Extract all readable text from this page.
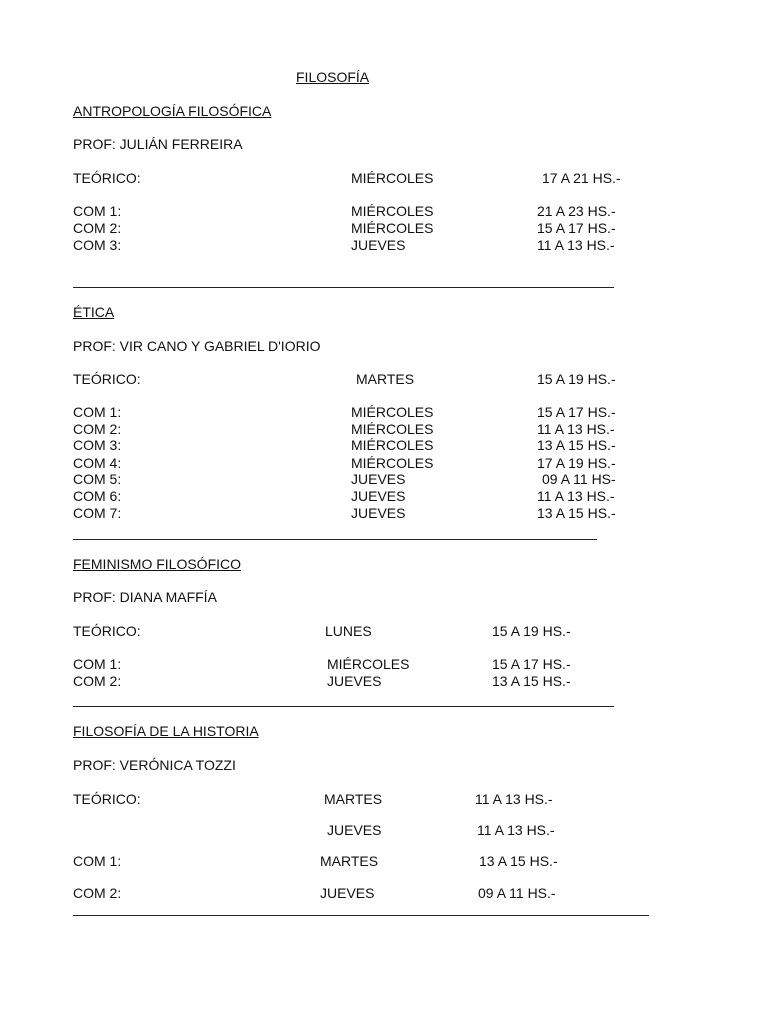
FILOSOFÍA
ANTROPOLOGÍA FILOSÓFICA
PROF: JULIÁN FERREIRA
TEÓRICO:	MIÉRCOLES	17 A 21 HS.-
COM 1:	MIÉRCOLES	21 A 23 HS.-
COM 2:	MIÉRCOLES	15 A 17 HS.-
COM 3:	JUEVES	11 A 13 HS.-
ÉTICA
PROF: VIR CANO Y GABRIEL D'IORIO
TEÓRICO:	MARTES	15 A 19 HS.-
COM 1:	MIÉRCOLES	15 A 17 HS.-
COM 2:	MIÉRCOLES	11 A 13 HS.-
COM 3:	MIÉRCOLES	13 A 15 HS.-
COM 4:	MIÉRCOLES	17 A 19 HS.-
COM 5:	JUEVES	09 A 11 HS-
COM 6:	JUEVES	11 A 13 HS.-
COM 7:	JUEVES	13 A 15 HS.-
FEMINISMO FILOSÓFICO
PROF: DIANA MAFFÍA
TEÓRICO:	LUNES	15 A 19 HS.-
COM 1:	MIÉRCOLES	15 A 17 HS.-
COM 2:	JUEVES	13 A 15 HS.-
FILOSOFÍA DE LA HISTORIA
PROF: VERÓNICA TOZZI
TEÓRICO:	MARTES	11 A 13 HS.-
JUEVES	11 A 13 HS.-
COM 1:	MARTES	13 A 15 HS.-
COM 2:	JUEVES	09 A 11 HS.-
